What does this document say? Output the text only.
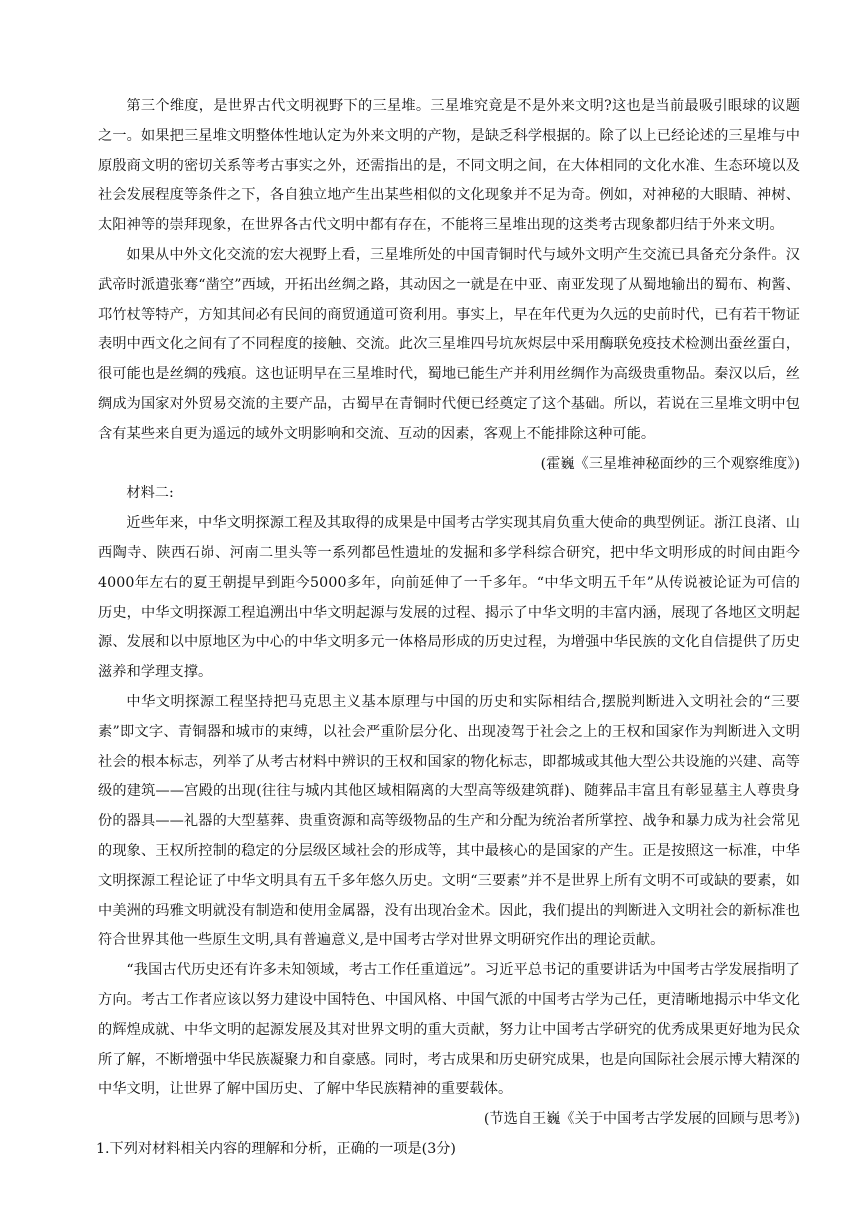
第三个维度，是世界古代文明视野下的三星堆。三星堆究竟是不是外来文明?这也是当前最吸引眼球的议题之一。如果把三星堆文明整体性地认定为外来文明的产物，是缺乏科学根据的。除了以上已经论述的三星堆与中原殷商文明的密切关系等考古事实之外，还需指出的是，不同文明之间，在大体相同的文化水准、生态环境以及社会发展程度等条件之下，各自独立地产生出某些相似的文化现象并不足为奇。例如，对神秘的大眼睛、神树、太阳神等的崇拜现象，在世界各古代文明中都有存在，不能将三星堆出现的这类考古现象都归结于外来文明。

如果从中外文化交流的宏大视野上看，三星堆所处的中国青铜时代与域外文明产生交流已具备充分条件。汉武帝时派遣张骞“凿空”西域，开拓出丝绸之路，其动因之一就是在中亚、南亚发现了从蜀地输出的蜀布、枸酱、邛竹杖等特产，方知其间必有民间的商贸通道可资利用。事实上，早在年代更为久远的史前时代，已有若干物证表明中西文化之间有了不同程度的接触、交流。此次三星堆四号坑灰烬层中采用酶联免疫技术检测出蚕丝蛋白，很可能也是丝绸的残痕。这也证明早在三星堆时代，蜀地已能生产并利用丝绸作为高级贵重物品。秦汉以后，丝绸成为国家对外贸易交流的主要产品，古蜀早在青铜时代便已经奠定了这个基础。所以，若说在三星堆文明中包含有某些来自更为遥远的域外文明影响和交流、互动的因素，客观上不能排除这种可能。

(霍巍《三星堆神秘面纱的三个观察维度》)

材料二:

近些年来，中华文明探源工程及其取得的成果是中国考古学实现其肩负重大使命的典型例证。浙江良渚、山西陶寺、陕西石峁、河南二里头等一系列都邑性遗址的发掘和多学科综合研究，把中华文明形成的时间由距今4000年左右的夏王朝提早到距今5000多年，向前延伸了一千多年。“中华文明五千年”从传说被论证为可信的历史，中华文明探源工程追溯出中华文明起源与发展的过程、揭示了中华文明的丰富内涵，展现了各地区文明起源、发展和以中原地区为中心的中华文明多元一体格局形成的历史过程，为增强中华民族的文化自信提供了历史滋养和学理支撑。

中华文明探源工程坚持把马克思主义基本原理与中国的历史和实际相结合,摆脱判断进入文明社会的“三要素”即文字、青铜器和城市的束缚，以社会严重阶层分化、出现凌驾于社会之上的王权和国家作为判断进入文明社会的根本标志，列举了从考古材料中辨识的王权和国家的物化标志，即都城或其他大型公共设施的兴建、高等级的建筑——宫殿的出现(往往与城内其他区域相隔离的大型高等级建筑群)、随葬品丰富且有彰显墓主人尊贵身份的器具——礼器的大型墓葬、贵重资源和高等级物品的生产和分配为统治者所掌控、战争和暴力成为社会常见的现象、王权所控制的稳定的分层级区域社会的形成等，其中最核心的是国家的产生。正是按照这一标准，中华文明探源工程论证了中华文明具有五千多年悠久历史。文明“三要素”并不是世界上所有文明不可或缺的要素，如中美洲的玛雅文明就没有制造和使用金属器，没有出现冶金术。因此，我们提出的判断进入文明社会的新标准也符合世界其他一些原生文明,具有普遍意义,是中国考古学对世界文明研究作出的理论贡献。

“我国古代历史还有许多未知领域，考古工作任重道远”。习近平总书记的重要讲话为中国考古学发展指明了方向。考古工作者应该以努力建设中国特色、中国风格、中国气派的中国考古学为己任，更清晰地揭示中华文化的辉煌成就、中华文明的起源发展及其对世界文明的重大贡献，努力让中国考古学研究的优秀成果更好地为民众所了解，不断增强中华民族凝聚力和自豪感。同时，考古成果和历史研究成果，也是向国际社会展示博大精深的中华文明，让世界了解中国历史、了解中华民族精神的重要载体。

(节选自王巍《关于中国考古学发展的回顾与思考》)

1.下列对材料相关内容的理解和分析，正确的一项是(3分)
